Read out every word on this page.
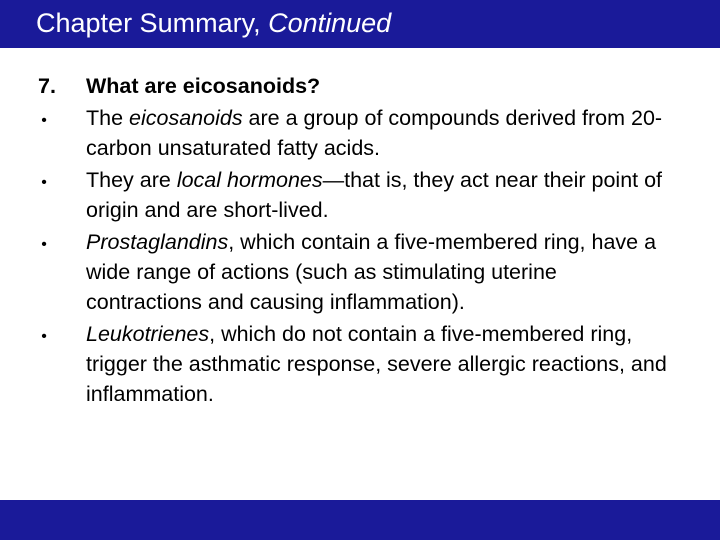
Chapter Summary, Continued
7.	What are eicosanoids?
•	The eicosanoids are a group of compounds derived from 20-carbon unsaturated fatty acids.
•	They are local hormones—that is, they act near their point of origin and are short-lived.
•	Prostaglandins, which contain a five-membered ring, have a wide range of actions (such as stimulating uterine contractions and causing inflammation).
•	Leukotrienes, which do not contain a five-membered ring, trigger the asthmatic response, severe allergic reactions, and inflammation.
